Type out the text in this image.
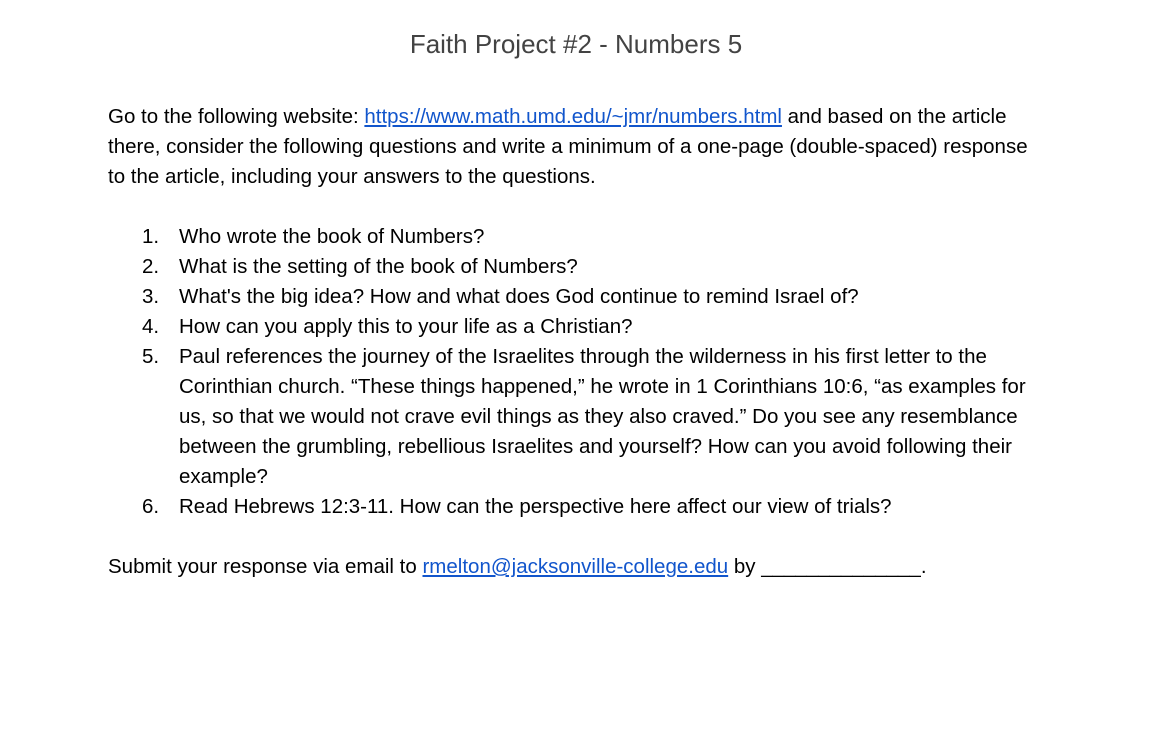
Faith Project #2 - Numbers 5

Go to the following website: https://www.math.umd.edu/~jmr/numbers.html and based on the article there, consider the following questions and write a minimum of a one-page (double-spaced) response to the article, including your answers to the questions.

1. Who wrote the book of Numbers?
2. What is the setting of the book of Numbers?
3. What's the big idea? How and what does God continue to remind Israel of?
4. How can you apply this to your life as a Christian?
5. Paul references the journey of the Israelites through the wilderness in his first letter to the Corinthian church. “These things happened,” he wrote in 1 Corinthians 10:6, “as examples for us, so that we would not crave evil things as they also craved.” Do you see any resemblance between the grumbling, rebellious Israelites and yourself? How can you avoid following their example?
6. Read Hebrews 12:3-11. How can the perspective here affect our view of trials?
Submit your response via email to rmelton@jacksonville-college.edu by ______________.
